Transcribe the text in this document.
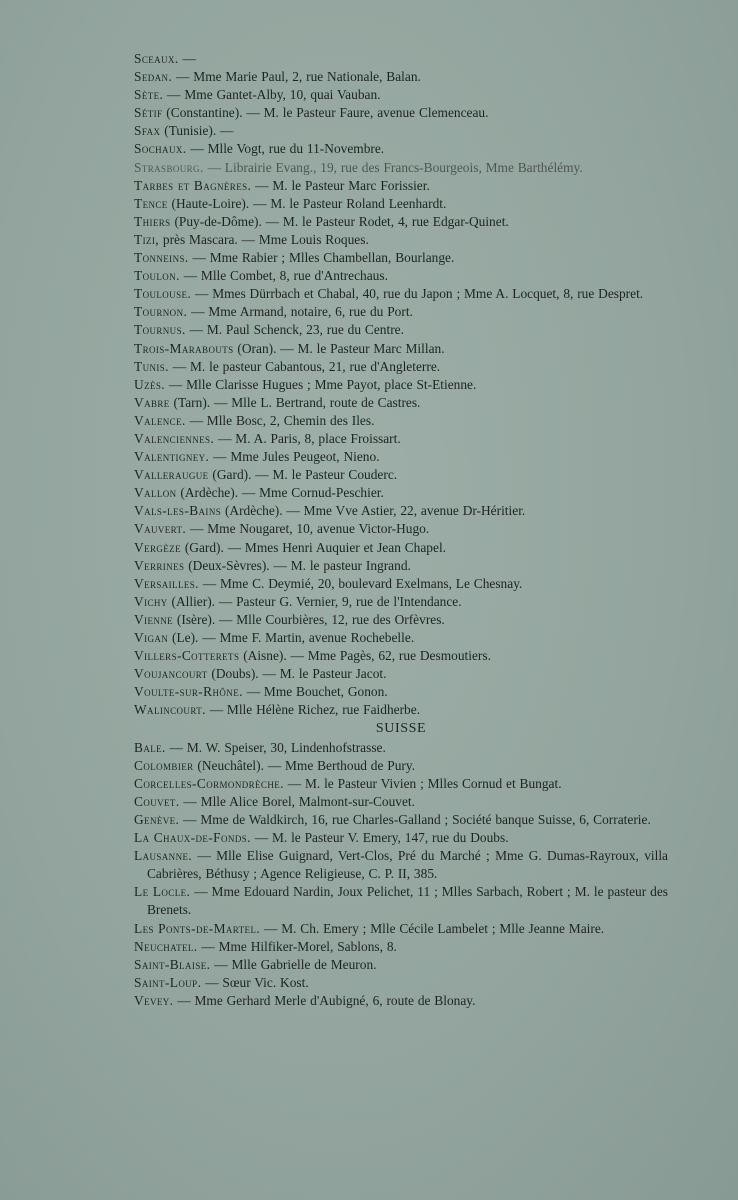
Sceaux. —
Sedan. — Mme Marie Paul, 2, rue Nationale, Balan.
Sète. — Mme Gantet-Alby, 10, quai Vauban.
Sétif (Constantine). — M. le Pasteur Faure, avenue Clemenceau.
Sfax (Tunisie). —
Sochaux. — Mlle Vogt, rue du 11-Novembre.
Strasbourg. — Librairie Evang., 19, rue des Francs-Bourgeois, Mme Barthélémy.
Tarbes et Bagnères. — M. le Pasteur Marc Forissier.
Tence (Haute-Loire). — M. le Pasteur Roland Leenhardt.
Thiers (Puy-de-Dôme). — M. le Pasteur Rodet, 4, rue Edgar-Quinet.
Tizi, près Mascara. — Mme Louis Roques.
Tonneins. — Mme Rabier ; Mlles Chambellan, Bourlange.
Toulon. — Mlle Combet, 8, rue d'Antrechaus.
Toulouse. — Mmes Dürrbach et Chabal, 40, rue du Japon ; Mme A. Locquet, 8, rue Despret.
Tournon. — Mme Armand, notaire, 6, rue du Port.
Tournus. — M. Paul Schenck, 23, rue du Centre.
Trois-Marabouts (Oran). — M. le Pasteur Marc Millan.
Tunis. — M. le pasteur Cabantous, 21, rue d'Angleterre.
Uzès. — Mlle Clarisse Hugues ; Mme Payot, place St-Etienne.
Vabre (Tarn). — Mlle L. Bertrand, route de Castres.
Valence. — Mlle Bosc, 2, Chemin des Iles.
Valenciennes. — M. A. Paris, 8, place Froissart.
Valentigney. — Mme Jules Peugeot, Nieno.
Valleraugue (Gard). — M. le Pasteur Couderc.
Vallon (Ardèche). — Mme Cornud-Peschier.
Vals-les-Bains (Ardèche). — Mme Vve Astier, 22, avenue Dr-Héritier.
Vauvert. — Mme Nougaret, 10, avenue Victor-Hugo.
Vergèze (Gard). — Mmes Henri Auquier et Jean Chapel.
Verrines (Deux-Sèvres). — M. le pasteur Ingrand.
Versailles. — Mme C. Deymié, 20, boulevard Exelmans, Le Chesnay.
Vichy (Allier). — Pasteur G. Vernier, 9, rue de l'Intendance.
Vienne (Isère). — Mlle Courbières, 12, rue des Orfèvres.
Vigan (Le). — Mme F. Martin, avenue Rochebelle.
Villers-Cotterets (Aisne). — Mme Pagès, 62, rue Desmoutiers.
Voujancourt (Doubs). — M. le Pasteur Jacot.
Voulte-sur-Rhône. — Mme Bouchet, Gonon.
Walincourt. — Mlle Hélène Richez, rue Faidherbe.
SUISSE
Bale. — M. W. Speiser, 30, Lindenhofstrasse.
Colombier (Neuchâtel). — Mme Berthoud de Pury.
Corcelles-Cormondrèche. — M. le Pasteur Vivien ; Mlles Cornud et Bungat.
Couvet. — Mlle Alice Borel, Malmont-sur-Couvet.
Genève. — Mme de Waldkirch, 16, rue Charles-Galland ; Société banque Suisse, 6, Corraterie.
La Chaux-de-Fonds. — M. le Pasteur V. Emery, 147, rue du Doubs.
Lausanne. — Mlle Elise Guignard, Vert-Clos, Pré du Marché ; Mme G. Dumas-Rayroux, villa Cabrières, Béthusy ; Agence Religieuse, C. P. II, 385.
Le Locle. — Mme Edouard Nardin, Joux Pelichet, 11 ; Mlles Sarbach, Robert ; M. le pasteur des Brenets.
Les Ponts-de-Martel. — M. Ch. Emery ; Mlle Cécile Lambelet ; Mlle Jeanne Maire.
Neuchatel. — Mme Hilfiker-Morel, Sablons, 8.
Saint-Blaise. — Mlle Gabrielle de Meuron.
Saint-Loup. — Sœur Vic. Kost.
Vevey. — Mme Gerhard Merle d'Aubigné, 6, route de Blonay.
